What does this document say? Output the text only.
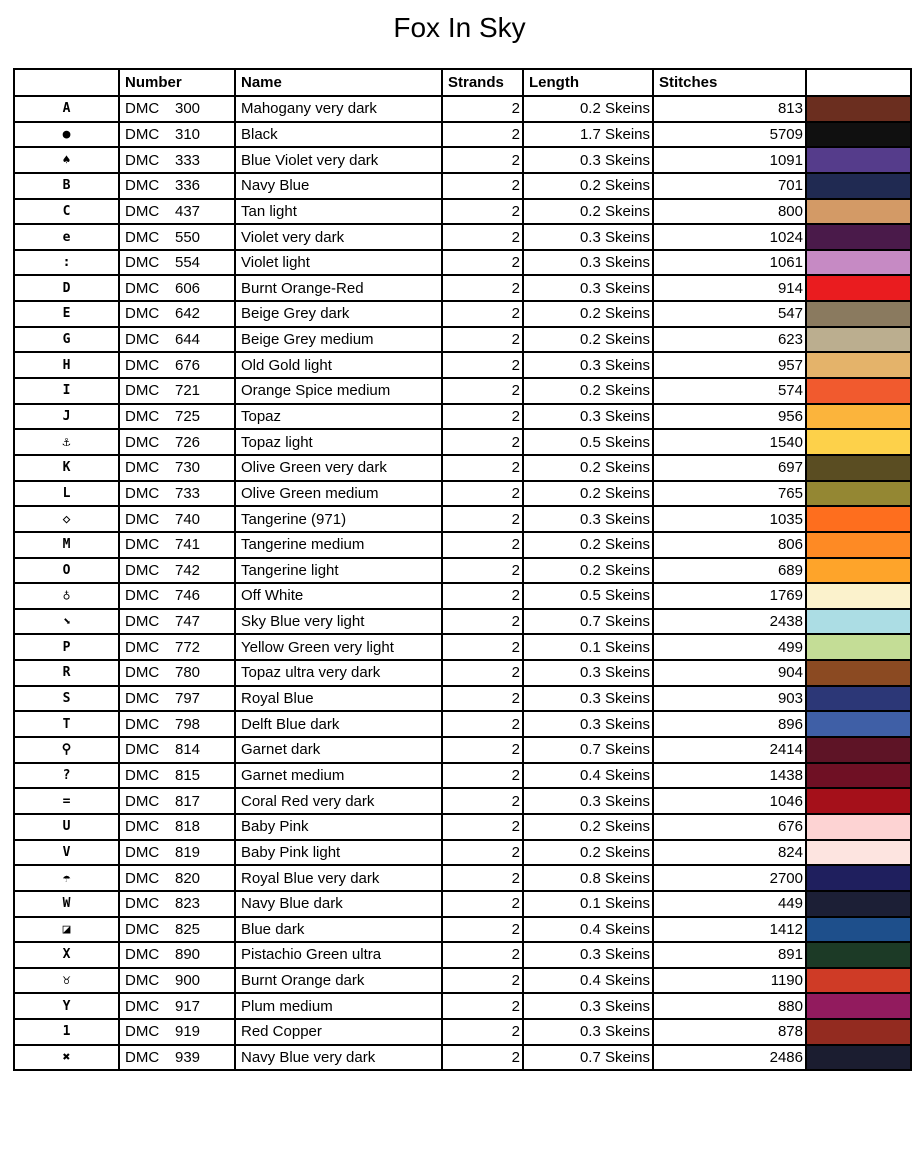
Fox In Sky
	Number	Name	Strands	Length	Stitches	
A	DMC 300	Mahogany very dark	2	0.2 Skeins	813	

●	DMC 310	Black	2	1.7 Skeins	5709	

♠	DMC 333	Blue Violet very dark	2	0.3 Skeins	1091	

B	DMC 336	Navy Blue	2	0.2 Skeins	701	

C	DMC 437	Tan light	2	0.2 Skeins	800	

e	DMC 550	Violet very dark	2	0.3 Skeins	1024	

:	DMC 554	Violet light	2	0.3 Skeins	1061	

D	DMC 606	Burnt Orange-Red	2	0.3 Skeins	914	

E	DMC 642	Beige Grey dark	2	0.2 Skeins	547	

G	DMC 644	Beige Grey medium	2	0.2 Skeins	623	

H	DMC 676	Old Gold light	2	0.3 Skeins	957	

I	DMC 721	Orange Spice medium	2	0.2 Skeins	574	

J	DMC 725	Topaz	2	0.3 Skeins	956	

⚓	DMC 726	Topaz light	2	0.5 Skeins	1540	

K	DMC 730	Olive Green very dark	2	0.2 Skeins	697	

L	DMC 733	Olive Green medium	2	0.2 Skeins	765	

◇	DMC 740	Tangerine (971)	2	0.3 Skeins	1035	

M	DMC 741	Tangerine medium	2	0.2 Skeins	806	

O	DMC 742	Tangerine light	2	0.2 Skeins	689	

♁	DMC 746	Off White	2	0.5 Skeins	1769	

⬊	DMC 747	Sky Blue very light	2	0.7 Skeins	2438	

P	DMC 772	Yellow Green very light	2	0.1 Skeins	499	

R	DMC 780	Topaz ultra very dark	2	0.3 Skeins	904	

S	DMC 797	Royal Blue	2	0.3 Skeins	903	

T	DMC 798	Delft Blue dark	2	0.3 Skeins	896	

⚲	DMC 814	Garnet dark	2	0.7 Skeins	2414	

?	DMC 815	Garnet medium	2	0.4 Skeins	1438	

=	DMC 817	Coral Red very dark	2	0.3 Skeins	1046	

U	DMC 818	Baby Pink	2	0.2 Skeins	676	

V	DMC 819	Baby Pink light	2	0.2 Skeins	824	

☂	DMC 820	Royal Blue very dark	2	0.8 Skeins	2700	

W	DMC 823	Navy Blue dark	2	0.1 Skeins	449	

◪	DMC 825	Blue dark	2	0.4 Skeins	1412	

X	DMC 890	Pistachio Green ultra	2	0.3 Skeins	891	

♉	DMC 900	Burnt Orange dark	2	0.4 Skeins	1190	

Y	DMC 917	Plum medium	2	0.3 Skeins	880	

1	DMC 919	Red Copper	2	0.3 Skeins	878	

✖	DMC 939	Navy Blue very dark	2	0.7 Skeins	2486	
